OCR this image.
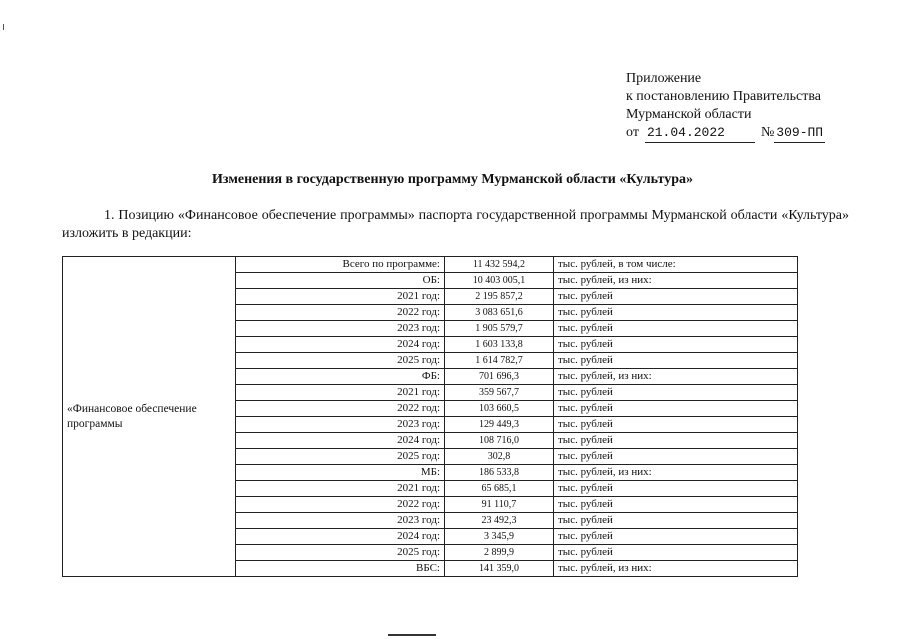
Приложение
к постановлению Правительства
Мурманской области
от 21.04.2022	№ 309-ПП
Изменения в государственную программу Мурманской области «Культура»
1. Позицию «Финансовое обеспечение программы» паспорта государственной программы Мурманской области «Культура» изложить в редакции:
«Финансовое обеспечение программы	Всего по программе:	11 432 594,2	тыс. рублей, в том числе:
	ОБ:	10 403 005,1	тыс. рублей, из них:
	2021 год:	2 195 857,2	тыс. рублей
	2022 год:	3 083 651,6	тыс. рублей
	2023 год:	1 905 579,7	тыс. рублей
	2024 год:	1 603 133,8	тыс. рублей
	2025 год:	1 614 782,7	тыс. рублей
	ФБ:	701 696,3	тыс. рублей, из них:
	2021 год:	359 567,7	тыс. рублей
	2022 год:	103 660,5	тыс. рублей
	2023 год:	129 449,3	тыс. рублей
	2024 год:	108 716,0	тыс. рублей
	2025 год:	302,8	тыс. рублей
	МБ:	186 533,8	тыс. рублей, из них:
	2021 год:	65 685,1	тыс. рублей
	2022 год:	91 110,7	тыс. рублей
	2023 год:	23 492,3	тыс. рублей
	2024 год:	3 345,9	тыс. рублей
	2025 год:	2 899,9	тыс. рублей
	ВБС:	141 359,0	тыс. рублей, из них:
